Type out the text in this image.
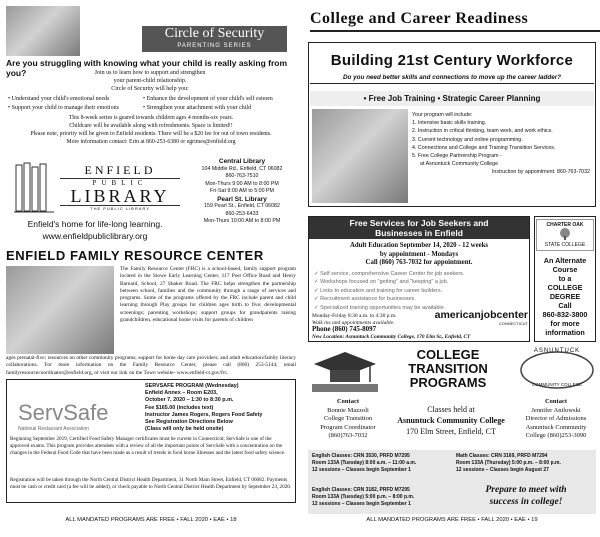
Circle of Security
PARENTING SERIES
Are you struggling with knowing what your child is really asking from you?	Join us to learn how to support and strengthen
your parent-child relationship.
Circle of Security will help you:
• Understand your child's emotional needs	• Enhance the development of your child's self esteem
• Support your child to manage their emotions	• Strengthen your attachment with your child
This 8-week series is geared towards children ages 4 months-six years.
Childcare will be available along with refreshments. Space is limited!!
Please note, priority will be given to Enfield residents. There will be a $20 fee for out of town residents.
More information contact: Erin at 860-253-6380 or egrimes@enfield.org
ENFIELD
PUBLIC
LIBRARY
THE PUBLIC LIBRARY
Enfield's home for life-long learning.
www.enfieldpubliclibrary.org
Central Library
104 Middle Rd., Enfield, CT 06082
860-763-7510
Mon-Thurs 9:00 AM to 8:00 PM
Fri-Sat 9:00 AM to 5:00 PM
Pearl St. Library
159 Pearl St., Enfield, CT 06082
860-253-6433
Mon-Thurs 10:00 AM to 8:00 PM
ENFIELD FAMILY RESOURCE CENTER
The Family Resource Center (FRC) is a school-based, family support program located in the Stowe Early Learning Center, 117 Post Office Road and Henry Barnard, School, 27 Shaker Road. The FRC helps strengthen the partnership between school, families and the community through a range of services and programs. Some of the programs offered by the FRC include parent and child learning through Play groups for children ages birth to five; developmental screenings; parenting workshops; support groups for grandparents raising grandchildren, educational home visits for parents of children
ages prenatal-five; resources on other community programs; support for home day care providers; and adult education/family literacy collaborations. For more information on the Family Resource Center, please call (860) 253-5144, email familyresourcecoordinator@enfield.org, or visit our link on the Town website- www.enfield-ct.gov/frc.
ServSafe
National Restaurant Association
SERVSAFE PROGRAM (Wednesday)
Enfield Annex – Room E203,
October 7, 2020 – 1:30 to 8:30 p.m.
Fee $165.00 (includes text)
Instructor James Rogers, Rogers Food Safety
See Registration Directions Below
(Class will only be held onsite)
Beginning September 2019, Certified Food Safety Manager certificates must be current in Connecticut; ServSafe is one of the approved exams. This program provides attendees with a review of all the important points of ServSafe with a concentration on the changes in the Federal Food Code that have been made as a result of trends in food borne illnesses and the latest food safety science.
Registration will be taken through the North Central District Health Department, 31 North Main Street, Enfield, CT 06082. Payments must be cash or credit card (a fee will be added), or check payable to North Central District Health Department by September 23, 2020.
ALL MANDATED PROGRAMS ARE FREE • FALL 2020 • EAE • 18
College and Career Readiness
Building 21st Century Workforce
Do you need better skills and connections to move up the career ladder?
• Free Job Training • Strategic Career Planning
Your program will include:
1. Intensive basic skills training.
2. Instruction in critical thinking, team work, and work ethics.
3. Current technology and online programming.
4. Connections and College and Training Transition Services.
5. Free College Partnership Program -
at Asnuntuck Community College
Instruction by appointment. 860-763-7032
Free Services for Job Seekers and
Businesses in Enfield
Adult Education September 14, 2020 - 12 weeks
by appointment - Mondays
Call (860) 763-7032 for appointment.
✓ Self service, comprehensive Career Center for job seekers.
✓ Workshops focused on "getting" and "keeping" a job.
✓ Links to education and training for career builders.
✓ Recruitment assistance for businesses.
✓ Specialized training opportunities may be available.
Monday-Friday 8:30 a.m. to 4:30 p.m.
Walk ins and appointments available.
americanjobcenter
CONNECTICUT
Phone (860) 745-8097
New Location: Asnuntuck Community College, 170 Elm St., Enfield, CT
CHARTER OAK
STATE COLLEGE
An Alternate
Course
to a
COLLEGE
DEGREE
Call
860-832-3800
for more
information
COLLEGE
TRANSITION
PROGRAMS
ASNUNTUCK
COMMUNITY COLLEGE
Contact
Bonnie Mazzoli
College Transition
Program Coordinator
(860)763-7032
Classes held at
Asnuntuck Community College
170 Elm Street, Enfield, CT
Contact
Jennifer Anilowski
Director of Admissions
Asnuntuck Community
College (860)253-3090
English Classes: CRN 3530, PRFD M7295
Room 133A (Tuesday) 8:00 a.m. – 11:00 a.m.
12 sessions – Classes begin September 1
English Classes: CRN 3182, PRFD M7295
Room 133A (Tuesday) 5:00 p.m. – 8:00 p.m.
12 sessions – Classes begin September 1
Math Classes: CRN 3169, PRFD M7294
Room 133A (Thursday) 5:00 p.m. – 8:00 p.m.
12 sessions – Classes begin August 27
Prepare to meet with
success in college!
ALL MANDATED PROGRAMS ARE FREE • FALL 2020 • EAE • 19
